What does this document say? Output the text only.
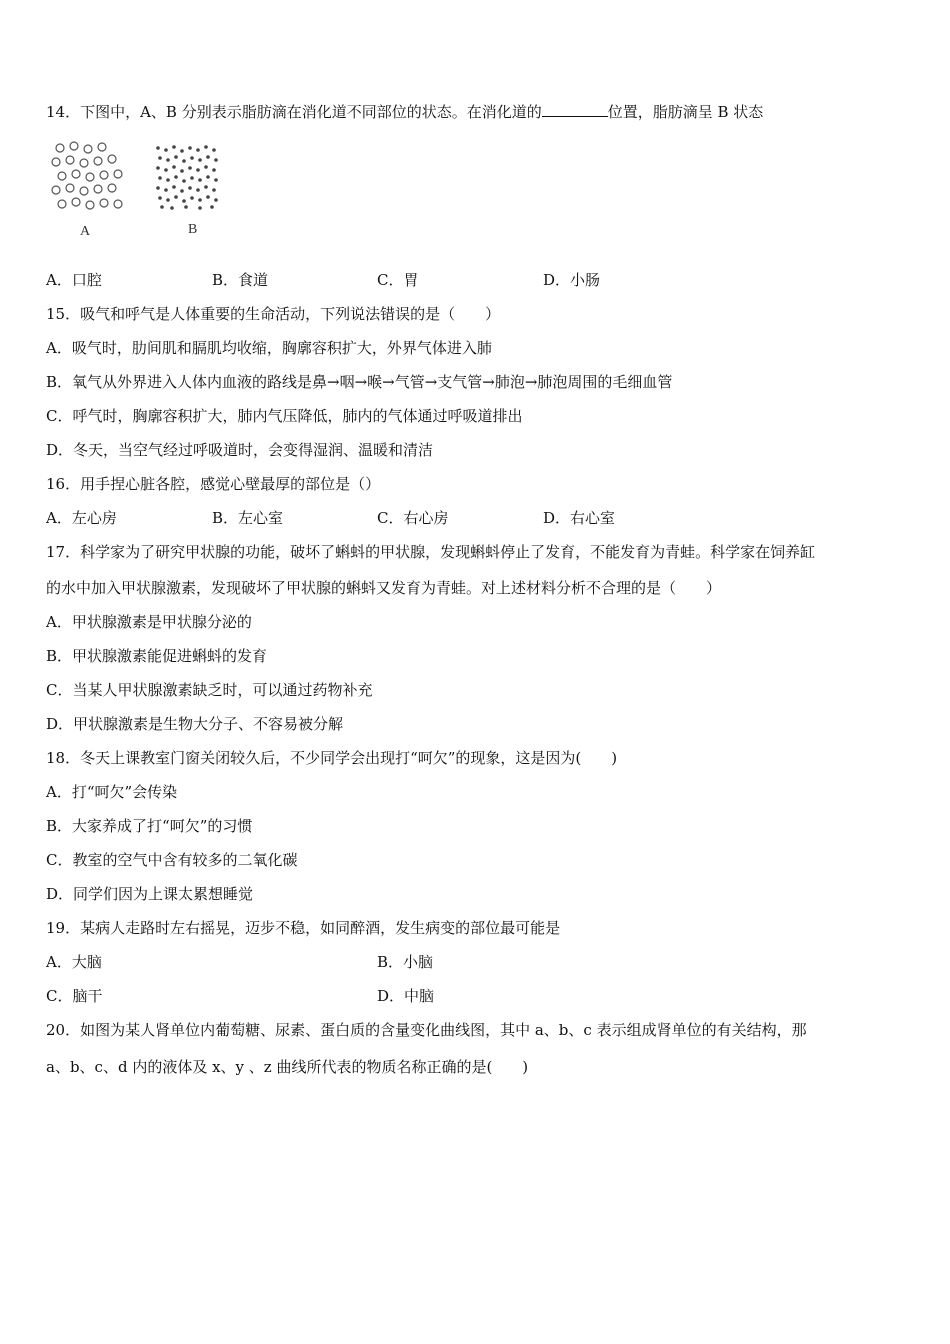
14．下图中，A、B 分别表示脂肪滴在消化道不同部位的状态。在消化道的	位置，脂肪滴呈 B 状态
A	B
A．口腔	B．食道	C．胃	D．小肠
15．吸气和呼气是人体重要的生命活动，下列说法错误的是（　　）
A．吸气时，肋间肌和膈肌均收缩，胸廓容积扩大，外界气体进入肺
B．氧气从外界进入人体内血液的路线是鼻→咽→喉→气管→支气管→肺泡→肺泡周围的毛细血管
C．呼气时，胸廓容积扩大，肺内气压降低，肺内的气体通过呼吸道排出
D．冬天，当空气经过呼吸道时，会变得湿润、温暖和清洁
16．用手捏心脏各腔，感觉心壁最厚的部位是（）
A．左心房	B．左心室	C．右心房	D．右心室
17．科学家为了研究甲状腺的功能，破坏了蝌蚪的甲状腺，发现蝌蚪停止了发育，不能发育为青蛙。科学家在饲养缸
的水中加入甲状腺激素，发现破坏了甲状腺的蝌蚪又发育为青蛙。对上述材料分析不合理的是（　　）
A．甲状腺激素是甲状腺分泌的
B．甲状腺激素能促进蝌蚪的发育
C．当某人甲状腺激素缺乏时，可以通过药物补充
D．甲状腺激素是生物大分子、不容易被分解
18．冬天上课教室门窗关闭较久后，不少同学会出现打“呵欠”的现象，这是因为(　　)
A．打“呵欠”会传染
B．大家养成了打“呵欠”的习惯
C．教室的空气中含有较多的二氧化碳
D．同学们因为上课太累想睡觉
19．某病人走路时左右摇晃，迈步不稳，如同醉酒，发生病变的部位最可能是
A．大脑	B．小脑
C．脑干	D．中脑
20．如图为某人肾单位内葡萄糖、尿素、蛋白质的含量变化曲线图，其中 a、b、c 表示组成肾单位的有关结构，那
a、b、c、d 内的液体及 x、y 、z 曲线所代表的物质名称正确的是(　　)
